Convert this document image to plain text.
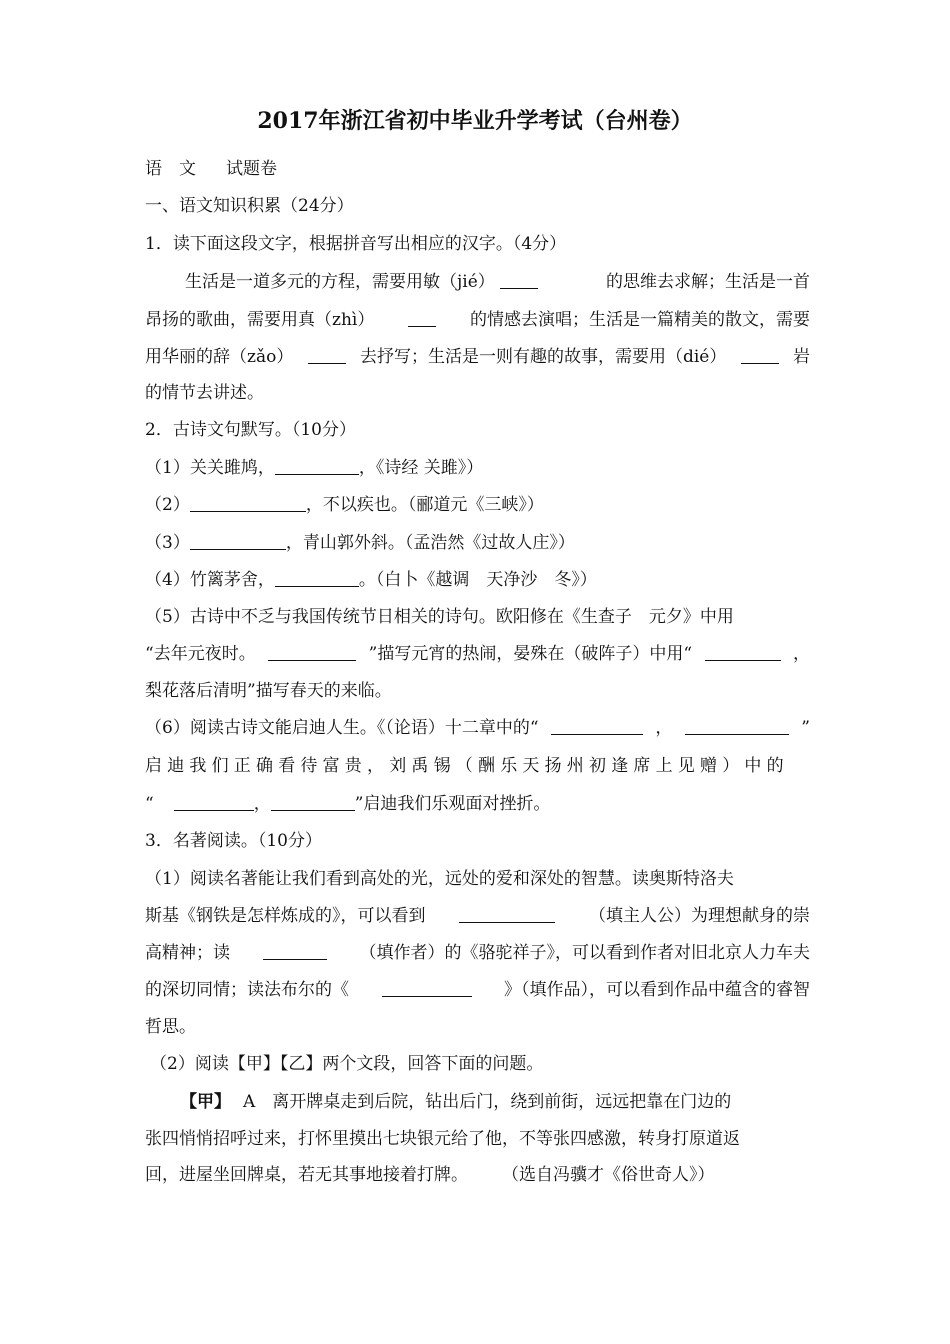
2017年浙江省初中毕业升学考试（台州卷）
语　文 试题卷
一、语文知识积累（24分）
1．读下面这段文字，根据拼音写出相应的汉字。（4分）
生活是一道多元的方程，需要用敏（jié）	的思维去求解；生活是一首
昂扬的歌曲，需要用真（zhì）	的情感去演唱；生活是一篇精美的散文，需要
用华丽的辞（zǎo）	去抒写；生活是一则有趣的故事，需要用（dié）	岩
的情节去讲述。
2．古诗文句默写。（10分）
（1）关关雎鸠，	，《诗经 关雎》）
（2）	，不以疾也。（郦道元《三峡》）
（3）	，青山郭外斜。（孟浩然《过故人庄》）
（4）竹篱茅舍，	。（白卜《越调　天净沙　冬》）
（5）古诗中不乏与我国传统节日相关的诗句。欧阳修在《生查子　元夕》中用
“去年元夜时。	”描写元宵的热闹，晏殊在（破阵子）中用“	，
梨花落后清明”描写春天的来临。
（6）阅读古诗文能启迪人生。《（论语）十二章中的“	，	”
启迪我们正确看待富贵，刘禹锡（酬乐天扬州初逢席上见赠）中的
“	，	”启迪我们乐观面对挫折。
3．名著阅读。（10分）
（1）阅读名著能让我们看到高处的光，远处的爱和深处的智慧。读奥斯特洛夫
斯基《钢铁是怎样炼成的》，可以看到	（填主人公）为理想献身的崇
高精神；读	（填作者）的《骆驼祥子》，可以看到作者对旧北京人力车夫
的深切同情；读法布尔的《	》（填作品），可以看到作品中蕴含的睿智
哲思。
（2）阅读【甲】【乙】两个文段，回答下面的问题。
【甲】 A　离开牌桌走到后院，钻出后门，绕到前街，远远把靠在门边的
张四悄悄招呼过来，打怀里摸出七块银元给了他，不等张四感激，转身打原道返
回，进屋坐回牌桌，若无其事地接着打牌。 （选自冯骥才《俗世奇人》）
